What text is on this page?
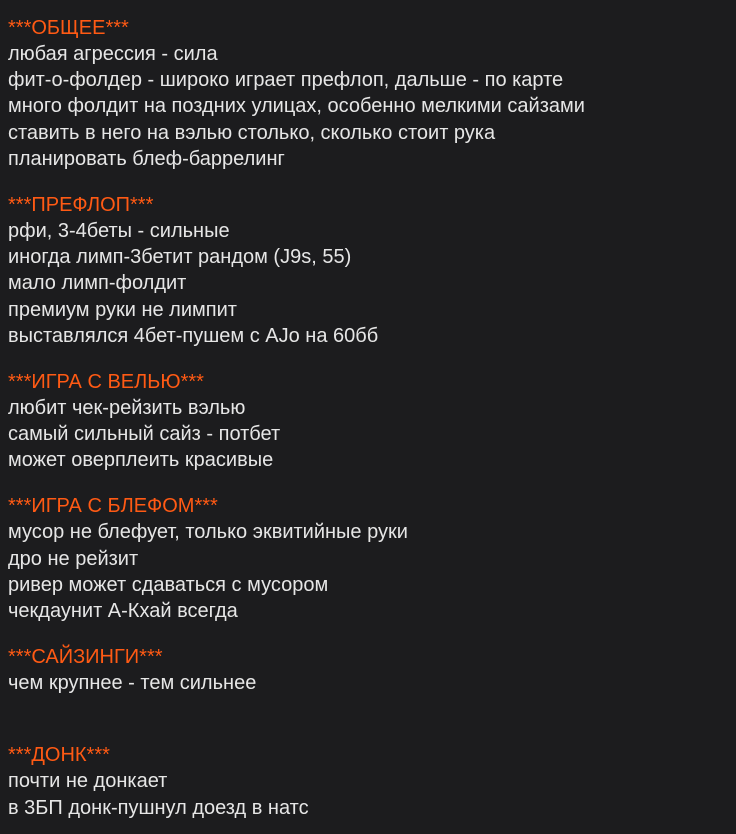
***ОБЩЕЕ***
любая агрессия - сила
фит-о-фолдер - широко играет префлоп, дальше - по карте
много фолдит на поздних улицах, особенно мелкими сайзами
ставить в него на вэлью столько, сколько стоит рука
планировать блеф-баррелинг
***ПРЕФЛОП***
рфи, 3-4беты - сильные
иногда лимп-3бетит рандом (J9s, 55)
мало лимп-фолдит
премиум руки не лимпит
выставлялся 4бет-пушем с AJo на 60бб
***ИГРА С ВЕЛЬЮ***
любит чек-рейзить вэлью
самый сильный сайз - потбет
может оверплеить красивые
***ИГРА С БЛЕФОМ***
мусор не блефует, только эквитийные руки
дро не рейзит
ривер может сдаваться с мусором
чекдаунит А-Кхай всегда
***САЙЗИНГИ***
чем крупнее - тем сильнее
***ДОНК***
почти не донкает
в 3БП донк-пушнул доезд в натс
